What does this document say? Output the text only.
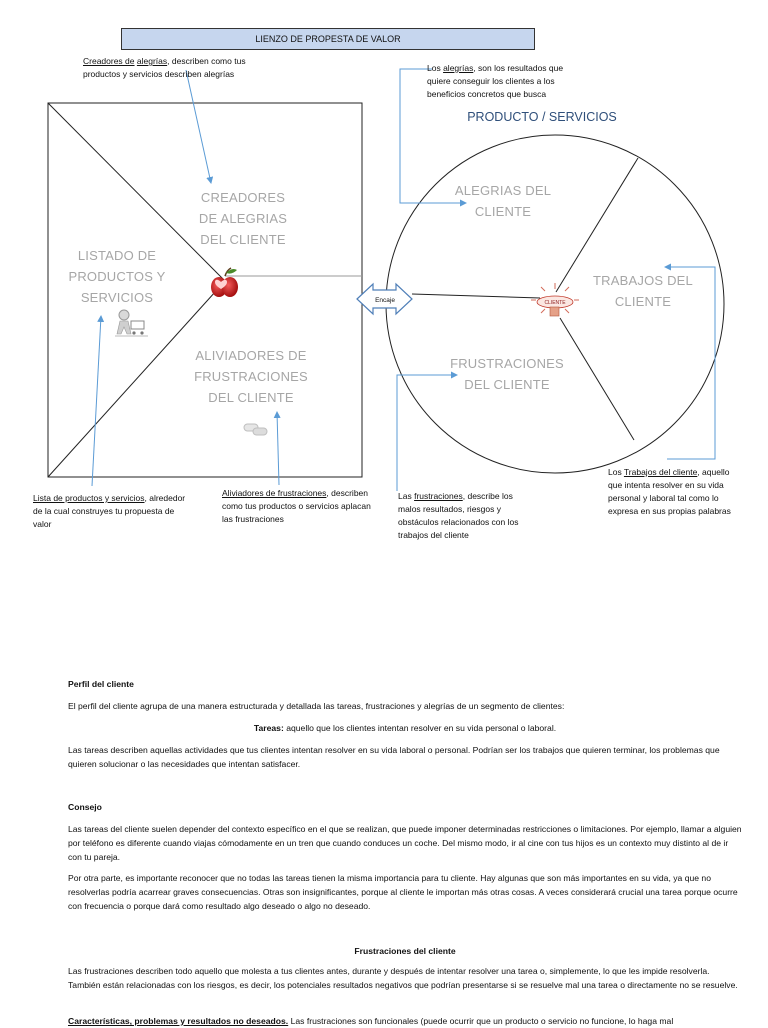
LIENZO DE PROPESTA DE VALOR
CLIENTE
Encaje
Creadores de alegrías, describen como tus productos y servicios describen alegrías
Los alegrías, son los resultados que quiere conseguir los clientes a los beneficios concretos que busca
Lista de productos y servicios, alrededor de la cual construyes tu propuesta de valor
Aliviadores de frustraciones, describen como tus productos o servicios aplacan las frustraciones
Las frustraciones, describe los malos resultados, riesgos y obstáculos relacionados con los trabajos del cliente
Los Trabajos del cliente, aquello que intenta resolver en su vida personal y laboral tal como lo expresa en sus propias palabras
CREADORES
DE ALEGRIAS
DEL CLIENTE
LISTADO DE
PRODUCTOS Y
SERVICIOS
ALIVIADORES DE
FRUSTRACIONES
DEL CLIENTE
ALEGRIAS DEL
CLIENTE
TRABAJOS DEL
CLIENTE
FRUSTRACIONES
DEL CLIENTE
PRODUCTO / SERVICIOS

Perfil del cliente

El perfil del cliente agrupa de una manera estructurada y detallada las tareas, frustraciones y alegrías de un segmento de clientes:

Tareas: aquello que los clientes intentan resolver en su vida personal o laboral.

Las tareas describen aquellas actividades que tus clientes intentan resolver en su vida laboral o personal. Podrían ser los trabajos que quieren terminar, los problemas que quieren solucionar o las necesidades que intentan satisfacer.

Consejo

Las tareas del cliente suelen depender del contexto específico en el que se realizan, que puede imponer determinadas restricciones o limitaciones. Por ejemplo, llamar a alguien por teléfono es diferente cuando viajas cómodamente en un tren que cuando conduces un coche. Del mismo modo, ir al cine con tus hijos es un contexto muy distinto al de ir con tu pareja.

Por otra parte, es importante reconocer que no todas las tareas tienen la misma importancia para tu cliente. Hay algunas que son más importantes en su vida, ya que no resolverlas podría acarrear graves consecuencias. Otras son insignificantes, porque al cliente le importan más otras cosas. A veces considerará crucial una tarea porque ocurre con frecuencia o porque dará como resultado algo deseado o algo no deseado.

Frustraciones del cliente

Las frustraciones describen todo aquello que molesta a tus clientes antes, durante y después de intentar resolver una tarea o, simplemente, lo que les impide resolverla. También están relacionadas con los riesgos, es decir, los potenciales resultados negativos que podrían presentarse si se resuelve mal una tarea o directamente no se resuelve.

Características, problemas y resultados no deseados. Las frustraciones son funcionales (puede ocurrir que un producto o servicio no funcione, lo haga mal
